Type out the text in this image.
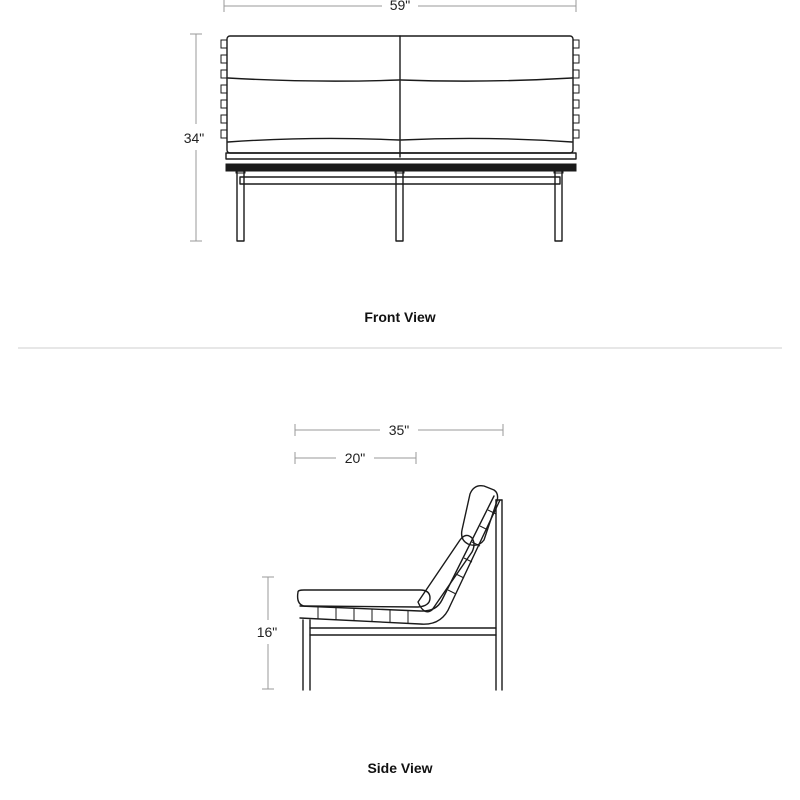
59"
34"
Front View
35"
20"
16"
Side View
